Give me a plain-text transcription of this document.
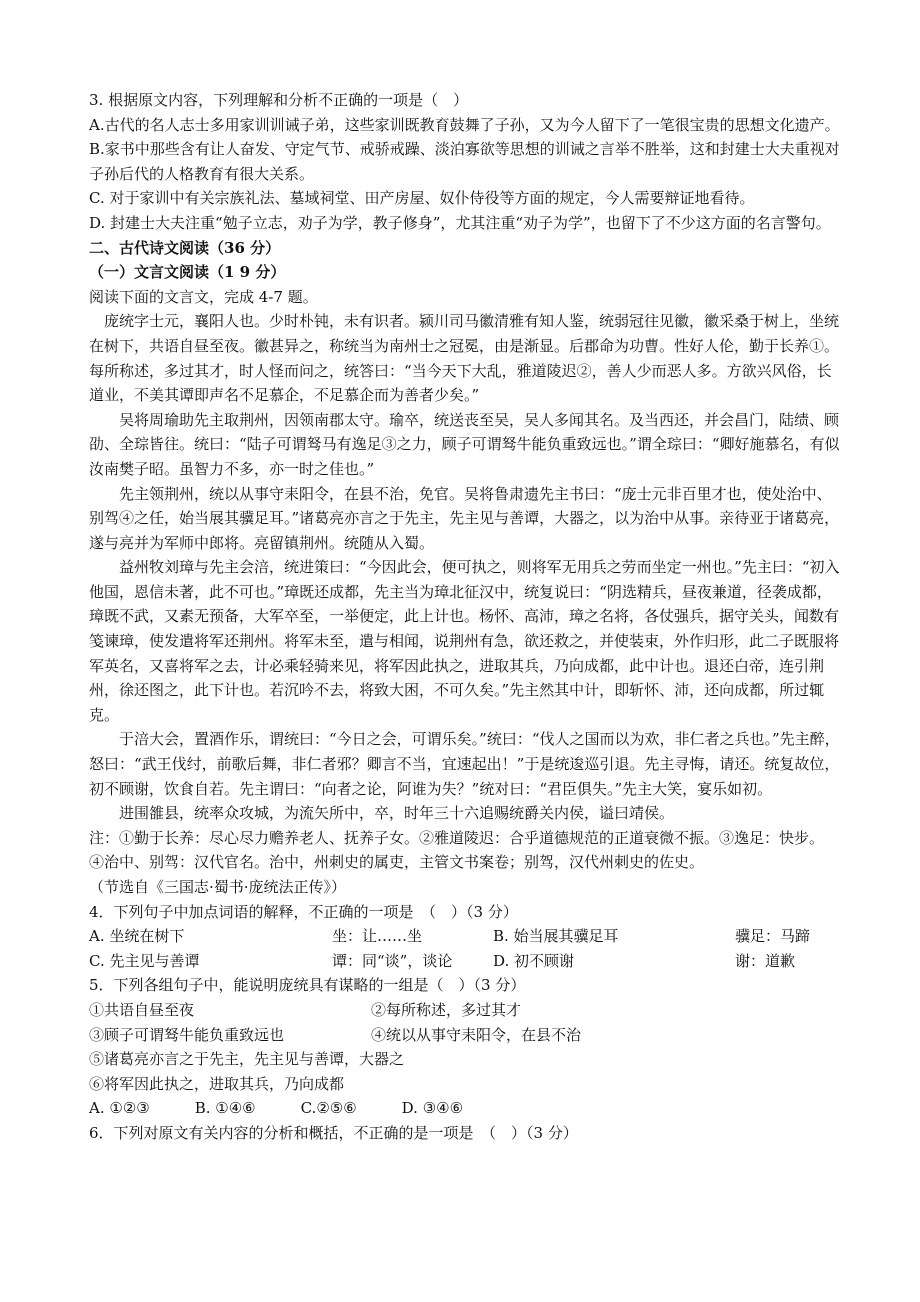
3. 根据原文内容，下列理解和分析不正确的一项是（　）

A.古代的名人志士多用家训训诫子弟，这些家训既教育鼓舞了子孙，又为今人留下了一笔很宝贵的思想文化遗产。

B.家书中那些含有让人奋发、守定气节、戒骄戒躁、淡泊寡欲等思想的训诫之言举不胜举，这和封建士大夫重视对子孙后代的人格教育有很大关系。

C. 对于家训中有关宗族礼法、墓域祠堂、田产房屋、奴仆侍役等方面的规定，今人需要辩证地看待。

D. 封建士大夫注重“勉子立志，劝子为学，教子修身”，尤其注重“劝子为学”，也留下了不少这方面的名言警句。

二、古代诗文阅读（36 分）

（一）文言文阅读（1 9 分）

阅读下面的文言文，完成 4-7 题。

庞统字士元，襄阳人也。少时朴钝，未有识者。颍川司马徽清雅有知人鉴，统弱冠往见徽，徽采桑于树上，坐统在树下，共语自昼至夜。徽甚异之，称统当为南州士之冠冕，由是渐显。后郡命为功曹。性好人伦，勤于长养①。每所称述，多过其才，时人怪而问之，统答曰：“当今天下大乱，雅道陵迟②，善人少而恶人多。方欲兴风俗，长道业，不美其谭即声名不足慕企，不足慕企而为善者少矣。”

吴将周瑜助先主取荆州，因领南郡太守。瑜卒，统送丧至吴，吴人多闻其名。及当西还，并会昌门，陆绩、顾劭、全琮皆往。统曰：“陆子可谓驽马有逸足③之力，顾子可谓驽牛能负重致远也。”谓全琮曰：“卿好施慕名，有似汝南樊子昭。虽智力不多，亦一时之佳也。”

先主领荆州，统以从事守耒阳令，在县不治，免官。吴将鲁肃遗先主书曰：“庞士元非百里才也，使处治中、别驾④之任，始当展其骥足耳。”诸葛亮亦言之于先主，先主见与善谭，大器之，以为治中从事。亲待亚于诸葛亮，遂与亮并为军师中郎将。亮留镇荆州。统随从入蜀。

益州牧刘璋与先主会涪，统进策曰：“今因此会，便可执之，则将军无用兵之劳而坐定一州也。”先主曰：“初入他国，恩信未著，此不可也。”璋既还成都，先主当为璋北征汉中，统复说曰：“阴选精兵，昼夜兼道，径袭成都，璋既不武，又素无预备，大军卒至，一举便定，此上计也。杨怀、高沛，璋之名将，各仗强兵，据守关头，闻数有笺谏璋，使发遣将军还荆州。将军未至，遣与相闻，说荆州有急，欲还救之，并使装束，外作归形，此二子既服将军英名，又喜将军之去，计必乘轻骑来见，将军因此执之，进取其兵，乃向成都，此中计也。退还白帝，连引荆州，徐还图之，此下计也。若沉吟不去，将致大困，不可久矣。”先主然其中计，即斩怀、沛，还向成都，所过辄克。

于涪大会，置酒作乐，谓统曰：“今日之会，可谓乐矣。”统曰：“伐人之国而以为欢，非仁者之兵也。”先主醉，怒曰：“武王伐纣，前歌后舞，非仁者邪？卿言不当，宜速起出！”于是统逡巡引退。先主寻悔，请还。统复故位，初不顾谢，饮食自若。先主谓曰：“向者之论，阿谁为失？”统对曰：“君臣俱失。”先主大笑，宴乐如初。

进围雒县，统率众攻城，为流矢所中，卒，时年三十六追赐统爵关内侯，谥曰靖侯。

注：①勤于长养：尽心尽力赡养老人、抚养子女。②雅道陵迟：合乎道德规范的正道衰微不振。③逸足：快步。　　④治中、别驾：汉代官名。治中，州刺史的属吏，主管文书案卷；别驾，汉代州刺史的佐史。

（节选自《三国志·蜀书·庞统法正传》）

4．下列句子中加点词语的解释，不正确的一项是　（　）（3 分）

A. 坐统在树下	坐：让……坐	B. 始当展其骥足耳	骥足：马蹄
C. 先主见与善谭	谭：同“谈”，谈论	D. 初不顾谢	谢：道歉

5．下列各组句子中，能说明庞统具有谋略的一组是（　）（3 分）

①共语自昼至夜	②每所称述，多过其才
③顾子可谓驽牛能负重致远也	④统以从事守耒阳令，在县不治

⑤诸葛亮亦言之于先主，先主见与善谭，大器之

⑥将军因此执之，进取其兵，乃向成都

A. ①②③　　　B. ①④⑥　　　C.②⑤⑥　　　D. ③④⑥

6．下列对原文有关内容的分析和概括，不正确的是一项是　（　）（3 分）
